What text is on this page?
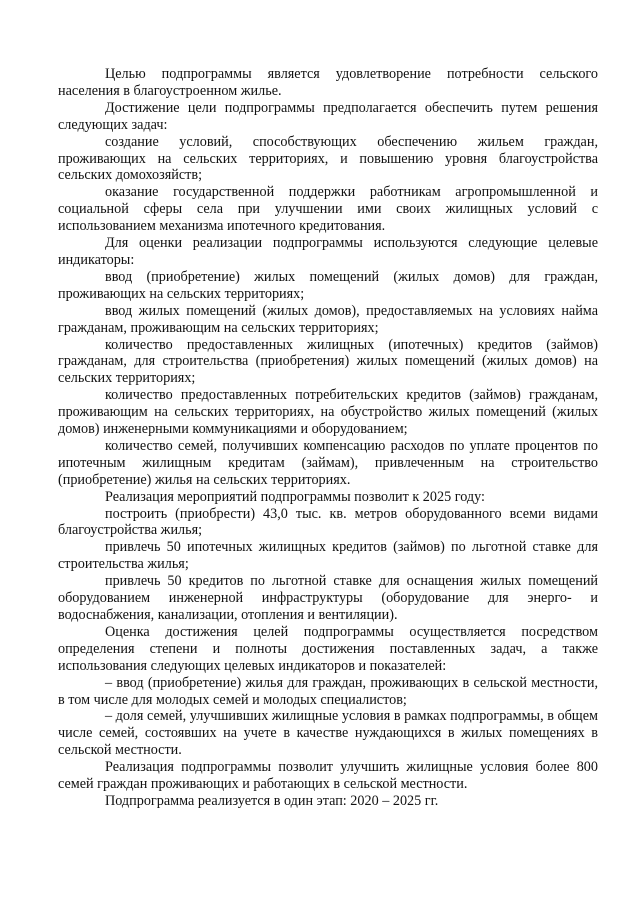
Целью подпрограммы является удовлетворение потребности сельского населения в благоустроенном жилье.

Достижение цели подпрограммы предполагается обеспечить путем решения следующих задач:

создание условий, способствующих обеспечению жильем граждан, проживающих на сельских территориях, и повышению уровня благоустройства сельских домохозяйств;

оказание государственной поддержки работникам агропромышленной и социальной сферы села при улучшении ими своих жилищных условий с использованием механизма ипотечного кредитования.

Для оценки реализации подпрограммы используются следующие целевые индикаторы:

ввод (приобретение) жилых помещений (жилых домов) для граждан, проживающих на сельских территориях;

ввод жилых помещений (жилых домов), предоставляемых на условиях найма гражданам, проживающим на сельских территориях;

количество предоставленных жилищных (ипотечных) кредитов (займов) гражданам, для строительства (приобретения) жилых помещений (жилых домов) на сельских территориях;

количество предоставленных потребительских кредитов (займов) гражданам, проживающим на сельских территориях, на обустройство жилых помещений (жилых домов) инженерными коммуникациями и оборудованием;

количество семей, получивших компенсацию расходов по уплате процентов по ипотечным жилищным кредитам (займам), привлеченным на строительство (приобретение) жилья на сельских территориях.

Реализация мероприятий подпрограммы позволит к 2025 году:

построить (приобрести) 43,0 тыс. кв. метров оборудованного всеми видами благоустройства жилья;

привлечь 50 ипотечных жилищных кредитов (займов) по льготной ставке для строительства жилья;

привлечь 50 кредитов по льготной ставке для оснащения жилых помещений оборудованием инженерной инфраструктуры (оборудование для энерго- и водоснабжения, канализации, отопления и вентиляции).

Оценка достижения целей подпрограммы осуществляется посредством определения степени и полноты достижения поставленных задач, а также использования следующих целевых индикаторов и показателей:

– ввод (приобретение) жилья для граждан, проживающих в сельской местности, в том числе для молодых семей и молодых специалистов;

– доля семей, улучшивших жилищные условия в рамках подпрограммы, в общем числе семей, состоявших на учете в качестве нуждающихся в жилых помещениях в сельской местности.

Реализация подпрограммы позволит улучшить жилищные условия более 800 семей граждан проживающих и работающих в сельской местности.

Подпрограмма реализуется в один этап: 2020 – 2025 гг.
